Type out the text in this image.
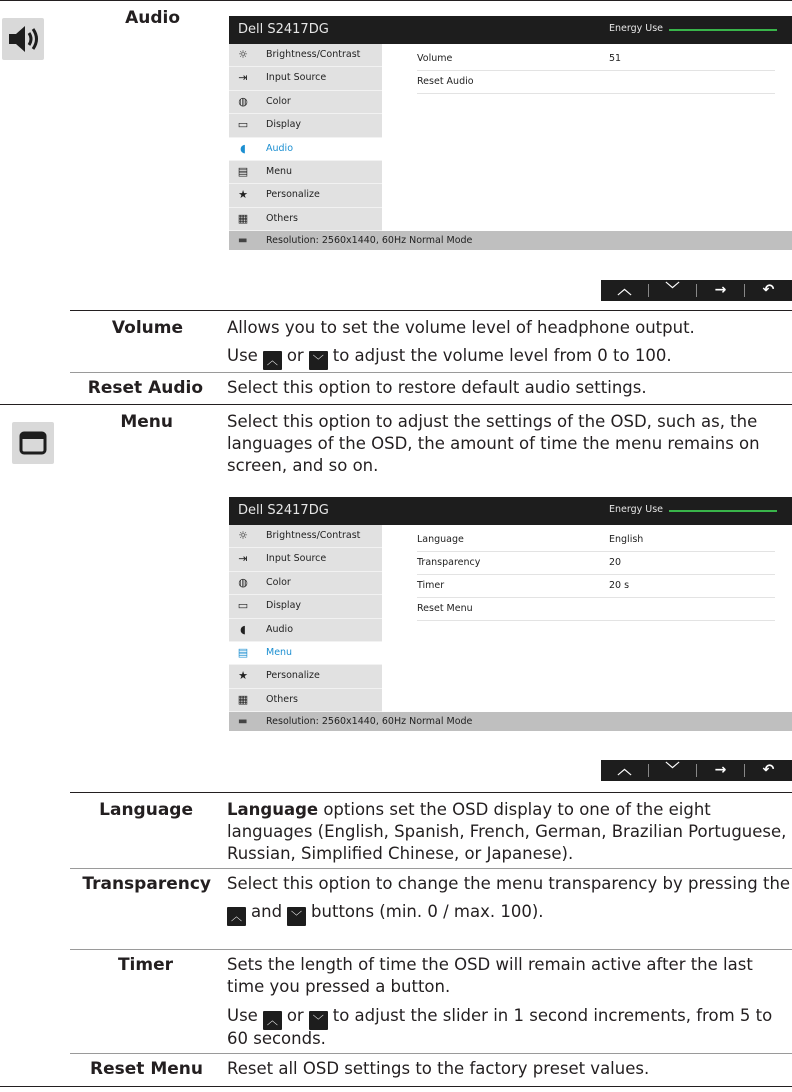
Audio
Dell S2417DG	Energy Use
☼ Brightness/Contrast
⇥ Input Source
◍ Color
▭ Display
◖	Audio
▤ Menu
★ Personalize
▦ Others
Volume	51
Reset Audio
▬ Resolution: 2560x1440, 60Hz Normal Mode
︿	﹀	→	↶
Volume	Allows you to set the volume level of headphone output.
Use ︿ or ﹀ to adjust the volume level from 0 to 100.
Reset Audio Select this option to restore default audio settings.
Menu	Select this option to adjust the settings of the OSD, such as, the languages of the OSD, the amount of time the menu remains on screen, and so on.
Dell S2417DG	Energy Use
☼ Brightness/Contrast
⇥ Input Source
◍ Color
▭ Display
◖	Audio
▤ Menu
★ Personalize
▦ Others
Language	English
Transparency	20
Timer	20 s
Reset Menu
▬ Resolution: 2560x1440, 60Hz Normal Mode
︿	﹀	→	↶
Language Language options set the OSD display to one of the eight languages (English, Spanish, French, German, Brazilian Portuguese, Russian, Simplified Chinese, or Japanese).
Transparency Select this option to change the menu transparency by pressing the
︿ and ﹀ buttons (min. 0 / max. 100).
Timer	Sets the length of time the OSD will remain active after the last time you pressed a button.
Use ︿ or ﹀ to adjust the slider in 1 second increments, from 5 to
60 seconds.
Reset Menu Reset all OSD settings to the factory preset values.
